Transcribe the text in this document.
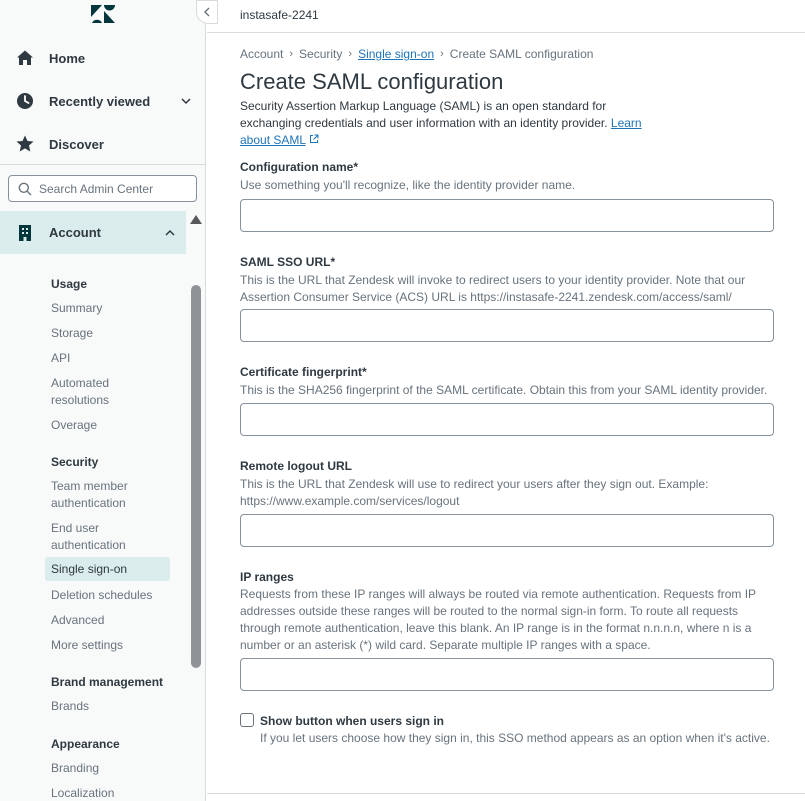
Home
Recently viewed
Discover
Search Admin Center
Account
Usage
Summary
Storage
API
Automated resolutions
Overage
Security
Team member authentication
End user authentication
Single sign-on
Deletion schedules
Advanced
More settings
Brand management
Brands
Appearance
Branding
Localization
instasafe-2241
Account › Security › Single sign-on › Create SAML configuration
Create SAML configuration
Security Assertion Markup Language (SAML) is an open standard for exchanging credentials and user information with an identity provider. Learn about SAML
Configuration name*
Use something you'll recognize, like the identity provider name.
SAML SSO URL*
This is the URL that Zendesk will invoke to redirect users to your identity provider. Note that our Assertion Consumer Service (ACS) URL is https://instasafe-2241.zendesk.com/access/saml/
Certificate fingerprint*
This is the SHA256 fingerprint of the SAML certificate. Obtain this from your SAML identity provider.
Remote logout URL
This is the URL that Zendesk will use to redirect your users after they sign out. Example: https://www.example.com/services/logout
IP ranges
Requests from these IP ranges will always be routed via remote authentication. Requests from IP addresses outside these ranges will be routed to the normal sign-in form. To route all requests through remote authentication, leave this blank. An IP range is in the format n.n.n.n, where n is a number or an asterisk (*) wild card. Separate multiple IP ranges with a space.
Show button when users sign in
If you let users choose how they sign in, this SSO method appears as an option when it's active.
